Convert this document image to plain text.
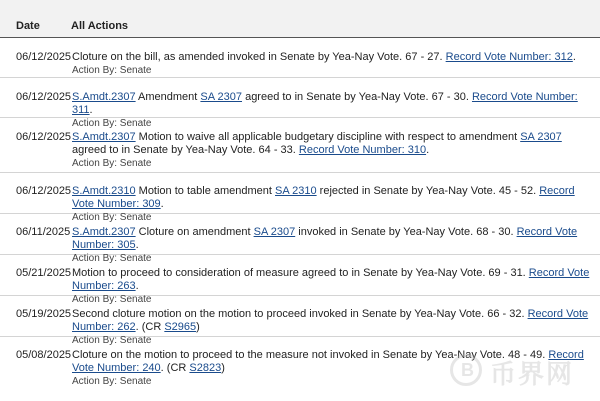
Date	All Actions
06/12/2025 Cloture on the bill, as amended invoked in Senate by Yea-Nay Vote. 67 - 27. Record Vote Number: 312.
Action By: Senate
06/12/2025 S.Amdt.2307 Amendment SA 2307 agreed to in Senate by Yea-Nay Vote. 67 - 30. Record Vote Number: 311.
Action By: Senate
06/12/2025 S.Amdt.2307 Motion to waive all applicable budgetary discipline with respect to amendment SA 2307 agreed to in Senate by Yea-Nay Vote. 64 - 33. Record Vote Number: 310.
Action By: Senate
06/12/2025 S.Amdt.2310 Motion to table amendment SA 2310 rejected in Senate by Yea-Nay Vote. 45 - 52. Record Vote Number: 309.
Action By: Senate
06/11/2025 S.Amdt.2307 Cloture on amendment SA 2307 invoked in Senate by Yea-Nay Vote. 68 - 30. Record Vote Number: 305.
Action By: Senate
05/21/2025 Motion to proceed to consideration of measure agreed to in Senate by Yea-Nay Vote. 69 - 31. Record Vote Number: 263.
Action By: Senate
05/19/2025 Second cloture motion on the motion to proceed invoked in Senate by Yea-Nay Vote. 66 - 32. Record Vote Number: 262. (CR S2965)
Action By: Senate
05/08/2025 Cloture on the motion to proceed to the measure not invoked in Senate by Yea-Nay Vote. 48 - 49. Record Vote Number: 240. (CR S2823)
Action By: Senate
B	币界网
